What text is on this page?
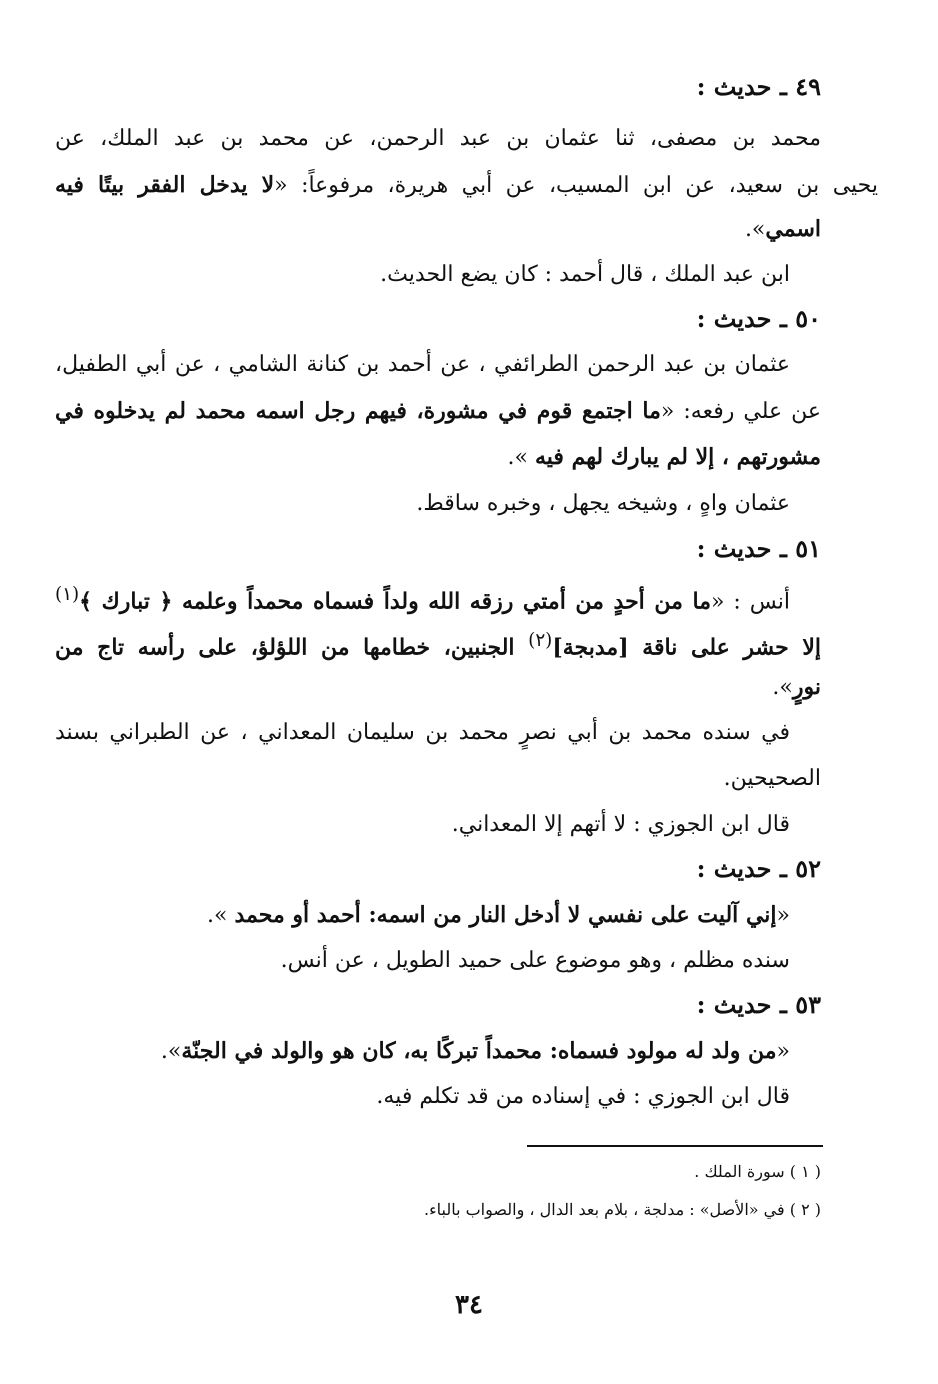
٤٩ ـ حديث :
محمد بن مصفى، ثنا عثمان بن عبد الرحمن، عن محمد بن عبد الملك، عن
يحيى بن سعيد، عن ابن المسيب، عن أبي هريرة، مرفوعاً: «لا يدخل الفقر بيتًا فيه
اسمي».
ابن عبد الملك ، قال أحمد : كان يضع الحديث.
٥٠ ـ حديث :
عثمان بن عبد الرحمن الطرائفي ، عن أحمد بن كنانة الشامي ، عن أبي الطفيل،
عن علي رفعه: «ما اجتمع قوم في مشورة، فيهم رجل اسمه محمد لم يدخلوه في
مشورتهم ، إلا لم يبارك لهم فيه ».
عثمان واهٍ ، وشيخه يجهل ، وخبره ساقط.
٥١ ـ حديث :
أنس : «ما من أحدٍ من أمتي رزقه الله ولداً فسماه محمداً وعلمه ﴿ تبارك ﴾$^{(١)}$
إلا حشر على ناقة [مدبجة]$^{(٢)}$ الجنبين، خطامها من اللؤلؤ، على رأسه تاج من
نورٍ».
في سنده محمد بن أبي نصرٍ محمد بن سليمان المعداني ، عن الطبراني بسند
الصحيحين.
قال ابن الجوزي : لا أتهم إلا المعداني.
٥٢ ـ حديث :
«إني آليت على نفسي لا أدخل النار من اسمه: أحمد أو محمد ».
سنده مظلم ، وهو موضوع على حميد الطويل ، عن أنس.
٥٣ ـ حديث :
«من ولد له مولود فسماه: محمداً تبركًا به، كان هو والولد في الجنّة».
قال ابن الجوزي : في إسناده من قد تكلم فيه.
( ١ ) سورة الملك .
( ٢ ) في «الأصل» : مدلجة ، بلام بعد الدال ، والصواب بالباء.
٣٤
